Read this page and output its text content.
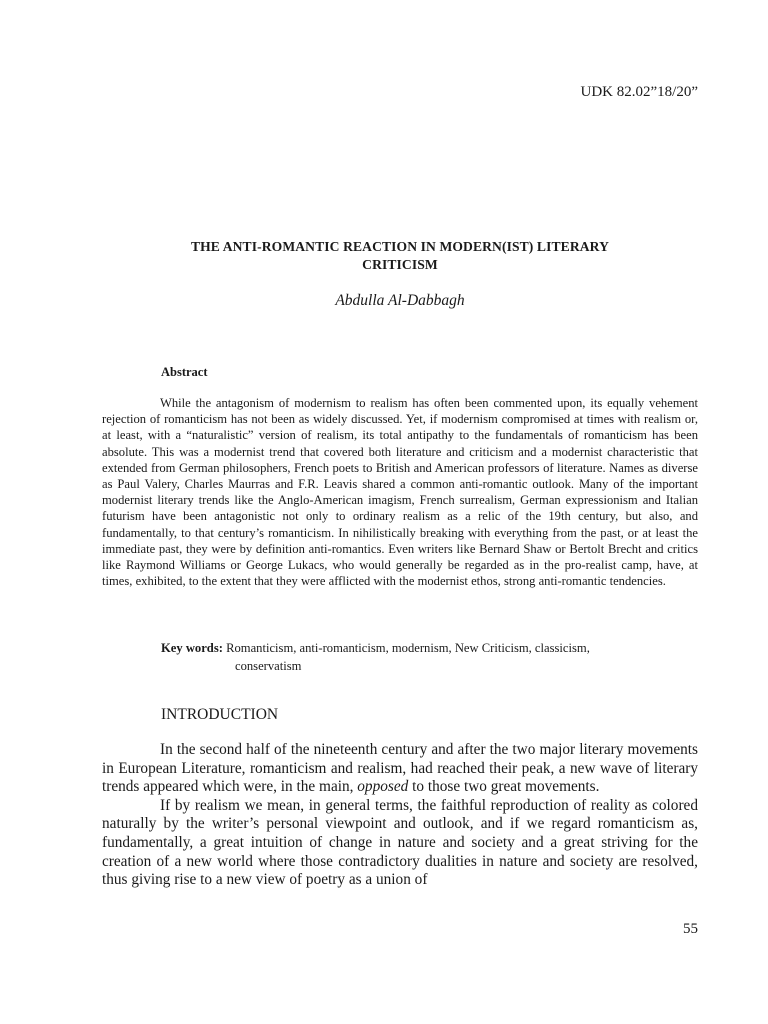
UDK 82.02”18/20”
THE ANTI-ROMANTIC REACTION IN MODERN(IST) LITERARY
CRITICISM
Abdulla Al-Dabbagh
Abstract

While the antagonism of modernism to realism has often been commented upon, its equally vehement rejection of romanticism has not been as widely discussed. Yet, if modernism compromised at times with realism or, at least, with a “naturalistic” version of realism, its total antipathy to the fundamentals of romanticism has been absolute. This was a modernist trend that covered both literature and criticism and a modernist characteristic that extended from German philosophers, French poets to British and American professors of literature. Names as diverse as Paul Valery, Charles Maurras and F.R. Leavis shared a common anti-romantic outlook. Many of the important modernist literary trends like the Anglo-American imagism, French surrealism, German expressionism and Italian futurism have been antagonistic not only to ordinary realism as a relic of the 19th century, but also, and fundamentally, to that century’s romanticism. In nihilistically breaking with everything from the past, or at least the immediate past, they were by definition anti-romantics. Even writers like Bernard Shaw or Bertolt Brecht and critics like Raymond Williams or George Lukacs, who would generally be regarded as in the pro-realist camp, have, at times, exhibited, to the extent that they were afflicted with the modernist ethos, strong anti-romantic tendencies.

Key words: Romanticism, anti-romanticism, modernism, New Criticism, classicism,
conservatism
INTRODUCTION

In the second half of the nineteenth century and after the two major literary movements in European Literature, romanticism and realism, had reached their peak, a new wave of literary trends appeared which were, in the main, opposed to those two great movements.

If by realism we mean, in general terms, the faithful reproduction of reality as colored naturally by the writer’s personal viewpoint and outlook, and if we regard romanticism as, fundamentally, a great intuition of change in nature and society and a great striving for the creation of a new world where those contradictory dualities in nature and society are resolved, thus giving rise to a new view of poetry as a union of

55
